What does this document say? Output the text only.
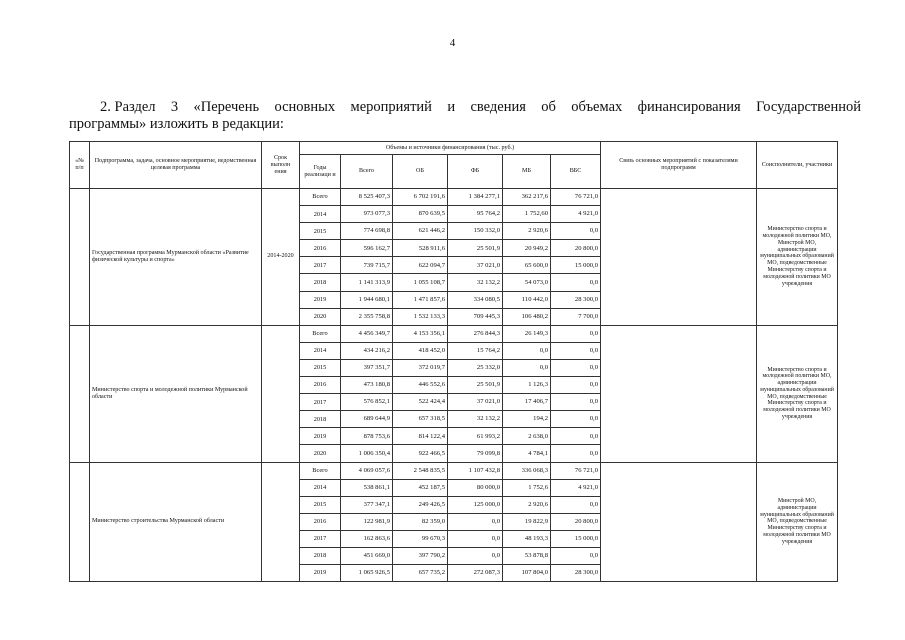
4
2. Раздел 3 «Перечень основных мероприятий и сведения об объемах финансирования Государственной
программы» изложить в редакции:
«№ п/п	Подпрограмма, задача, основное мероприятие, ведомственная целевая программа	Срок выполн ения	Объемы и источники финансирования (тыс. руб.)						Связь основных мероприятий с показателями подпрограмм	Соисполнители, участники
			Годы реализаци и	Всего	ОБ	ФБ	МБ	ВБС		
	Государственная программа Мурманской области «Развитие физической культуры и спорта»	2014-2020	Всего	8 525 407,3	6 702 191,6	1 384 277,1	362 217,6	76 721,0		Министерство спорта и молодежной политики МО, Минстрой МО, администрации муниципальных образований МО, подведомственные Министерству спорта и молодежной политики МО учреждения
			2014	973 077,3	870 639,5	95 764,2	1 752,60	4 921,0		
			2015	774 698,8	621 446,2	150 332,0	2 920,6	0,0		
			2016	596 162,7	528 911,6	25 501,9	20 949,2	20 800,0		
			2017	739 715,7	622 094,7	37 021,0	65 600,0	15 000,0		
			2018	1 141 313,9	1 055 108,7	32 132,2	54 073,0	0,0		
			2019	1 944 680,1	1 471 857,6	334 080,5	110 442,0	28 300,0		
			2020	2 355 758,8	1 532 133,3	709 445,3	106 480,2	7 700,0		
	Министерство спорта и молодежной политики Мурманской области		Всего	4 456 349,7	4 153 356,1	276 844,3	26 149,3	0,0		Министерство спорта и молодежной политики МО, администрации муниципальных образований МО, подведомственные Министерству спорта и молодежной политики МО учреждения
			2014	434 216,2	418 452,0	15 764,2	0,0	0,0		
			2015	397 351,7	372 019,7	25 332,0	0,0	0,0		
			2016	473 180,8	446 552,6	25 501,9	1 126,3	0,0		
			2017	576 852,1	522 424,4	37 021,0	17 406,7	0,0		
			2018	689 644,9	657 318,5	32 132,2	194,2	0,0		
			2019	878 753,6	814 122,4	61 993,2	2 638,0	0,0		
			2020	1 006 350,4	922 466,5	79 099,8	4 784,1	0,0		
	Министерство строительства Мурманской области		Всего	4 069 057,6	2 548 835,5	1 107 432,8	336 068,3	76 721,0		Минстрой МО, администрации муниципальных образований МО, подведомственные Министерству спорта и молодежной политики МО учреждения
			2014	538 861,1	452 187,5	80 000,0	1 752,6	4 921,0		
			2015	377 347,1	249 426,5	125 000,0	2 920,6	0,0		
			2016	122 981,9	82 359,0	0,0	19 822,9	20 800,0		
			2017	162 863,6	99 670,3	0,0	48 193,3	15 000,0		
			2018	451 669,0	397 790,2	0,0	53 878,8	0,0		
			2019	1 065 926,5	657 735,2	272 087,3	107 804,0	28 300,0		
